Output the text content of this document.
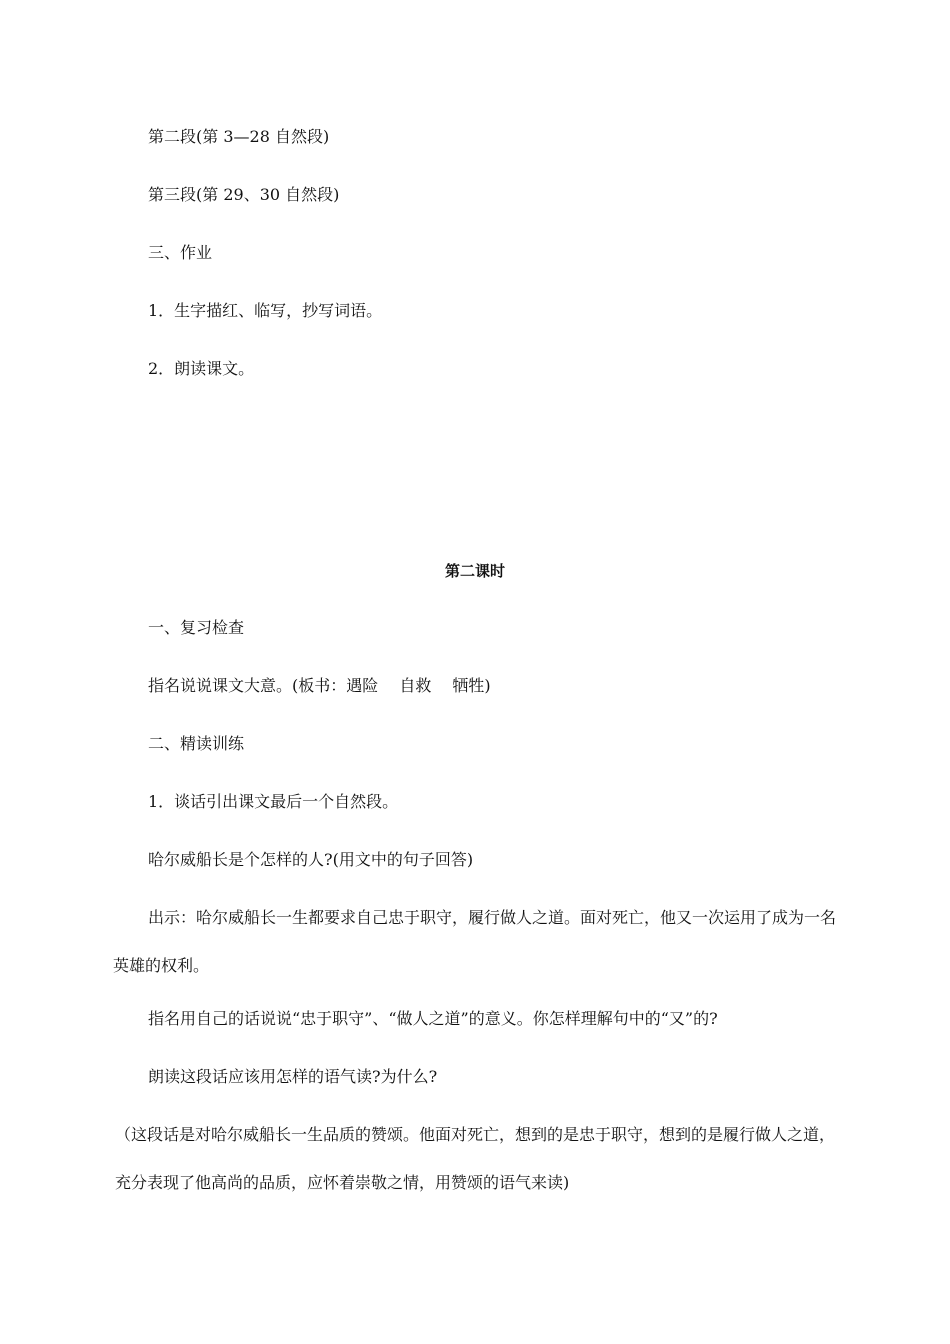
第二段(第 3—28 自然段)

第三段(第 29、30 自然段)

三、作业

1．生字描红、临写，抄写词语。

2．朗读课文。

第二课时

一、复习检查

指名说说课文大意。(板书：遇险　 自救　 牺牲)

二、精读训练

1．谈话引出课文最后一个自然段。

哈尔威船长是个怎样的人?(用文中的句子回答)

出示：哈尔威船长一生都要求自己忠于职守，履行做人之道。面对死亡，他又一次运用了成为一名英雄的权利。

指名用自己的话说说“忠于职守”、“做人之道”的意义。你怎样理解句中的“又”的?

朗读这段话应该用怎样的语气读?为什么?

（这段话是对哈尔威船长一生品质的赞颂。他面对死亡，想到的是忠于职守，想到的是履行做人之道，充分表现了他高尚的品质，应怀着崇敬之情，用赞颂的语气来读)
